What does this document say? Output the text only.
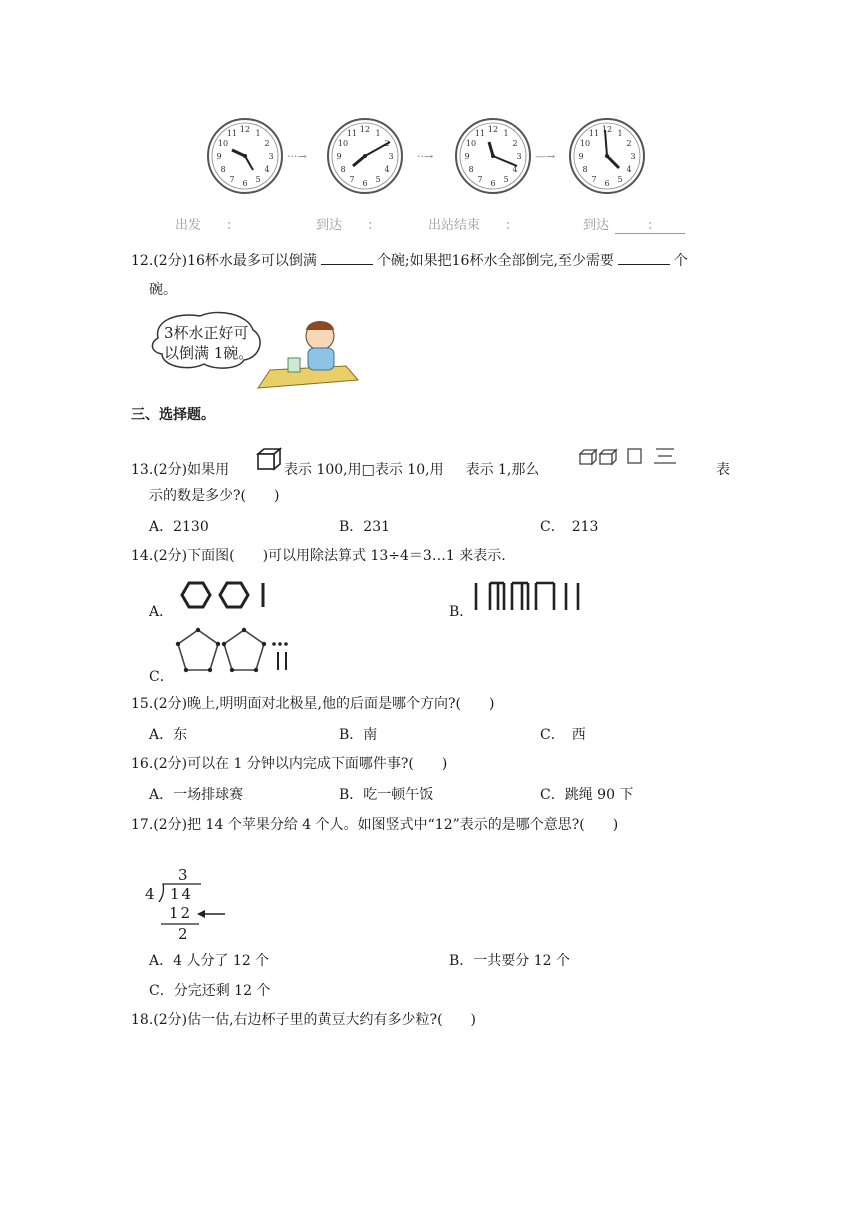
12 1
2
3
4
5
6
7
8
9
10
11
···→	··→	—→
出发 :	到达 :	出站结束 :	到达	:
12.(2分)16杯水最多可以倒满	个碗;如果把16杯水全部倒完,至少需要	个
碗。
3杯水正好可
以倒满 1碗。
三、选择题。
13.(2分)如果用	表示 100,用□表示 10,用 表示 1,那么	表
示的数是多少?(　　)
A．2130	B．231	C．　213
14.(2分)下面图(　　)可以用除法算式 13÷4＝3…1 来表示.
A．	B．
C．
15.(2分)晚上,明明面对北极星,他的后面是哪个方向?(　　)
A．东	B．南	C．　西
16.(2分)可以在 1 分钟以内完成下面哪件事?(　　)
A．一场排球赛	B．吃一顿午饭	C．跳绳 90 下
17.(2分)把 14 个苹果分给 4 个人。如图竖式中“12”表示的是哪个意思?(　　)
3
4 14
12
2
A．4 人分了 12 个	B．一共要分 12 个
C．分完还剩 12 个
18.(2分)估一估,右边杯子里的黄豆大约有多少粒?(　　)
